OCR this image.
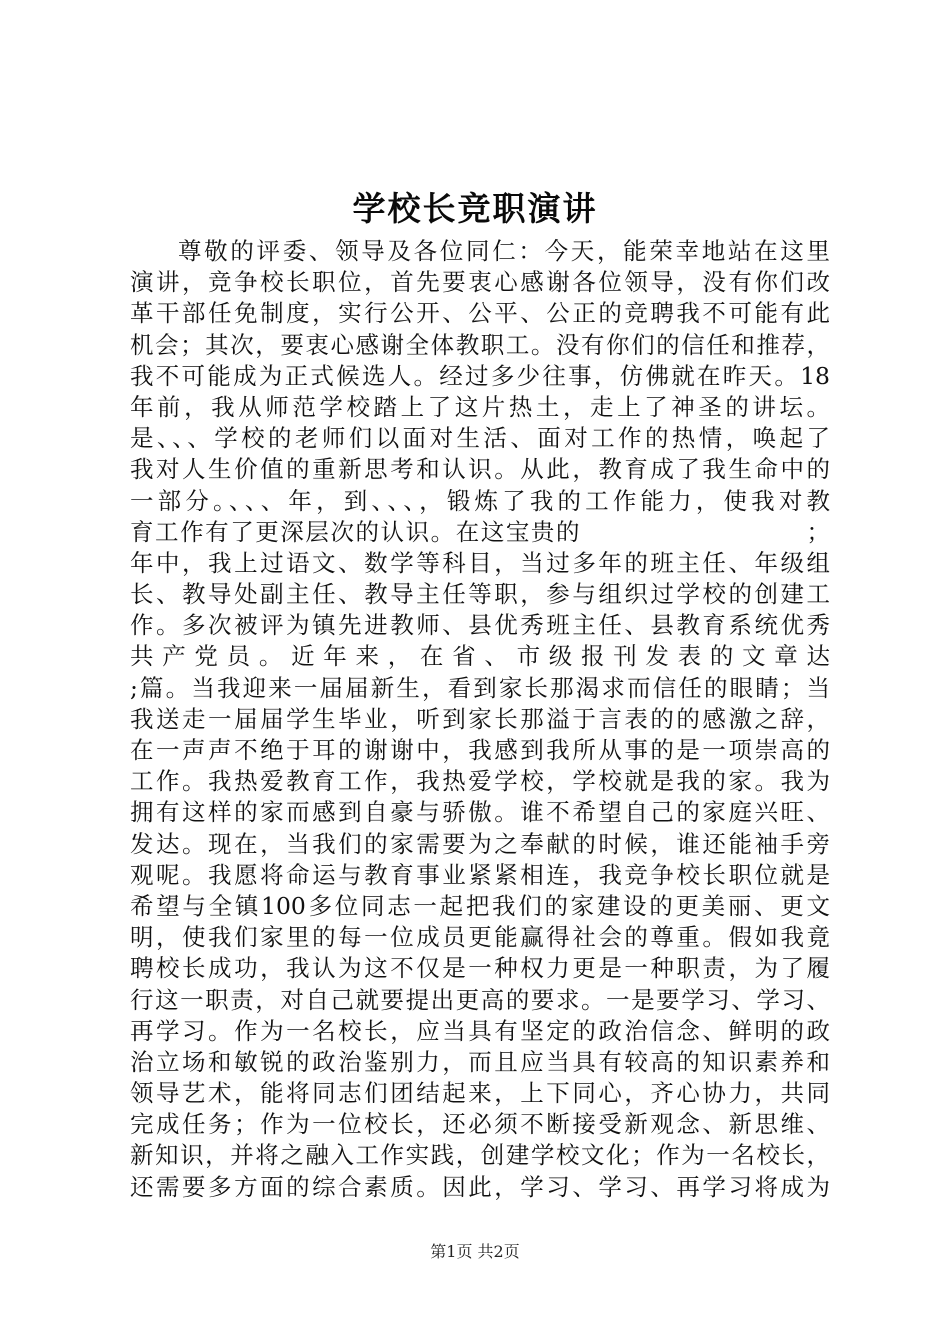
学校长竞职演讲
尊敬的评委、领导及各位同仁：今天，能荣幸地站在这里
演讲，竞争校长职位，首先要衷心感谢各位领导，没有你们改
革干部任免制度，实行公开、公平、公正的竞聘我不可能有此
机会；其次，要衷心感谢全体教职工。没有你们的信任和推荐，
我不可能成为正式候选人。经过多少往事，仿佛就在昨天。18
年前，我从师范学校踏上了这片热土，走上了神圣的讲坛。
是、、、学校的老师们以面对生活、面对工作的热情，唤起了
我对人生价值的重新思考和认识。从此，教育成了我生命中的
一部分。、、、年，到、、、，锻炼了我的工作能力，使我对教
育工作有了更深层次的认识。在这宝贵的　　　　　　　　　；
年中，我上过语文、数学等科目，当过多年的班主任、年级组
长、教导处副主任、教导主任等职，参与组织过学校的创建工
作。多次被评为镇先进教师、县优秀班主任、县教育系统优秀
共产党员。近年来，在省、市级报刊发表的文章达
;篇。当我迎来一届届新生，看到家长那渴求而信任的眼睛；当
我送走一届届学生毕业，听到家长那溢于言表的的感激之辞，
在一声声不绝于耳的谢谢中，我感到我所从事的是一项崇高的
工作。我热爱教育工作，我热爱学校，学校就是我的家。我为
拥有这样的家而感到自豪与骄傲。谁不希望自己的家庭兴旺、
发达。现在，当我们的家需要为之奉献的时候，谁还能袖手旁
观呢。我愿将命运与教育事业紧紧相连，我竞争校长职位就是
希望与全镇100多位同志一起把我们的家建设的更美丽、更文
明，使我们家里的每一位成员更能赢得社会的尊重。假如我竟
聘校长成功，我认为这不仅是一种权力更是一种职责，为了履
行这一职责，对自己就要提出更高的要求。一是要学习、学习、
再学习。作为一名校长，应当具有坚定的政治信念、鲜明的政
治立场和敏锐的政治鉴别力，而且应当具有较高的知识素养和
领导艺术，能将同志们团结起来，上下同心，齐心协力，共同
完成任务；作为一位校长，还必须不断接受新观念、新思维、
新知识，并将之融入工作实践，创建学校文化；作为一名校长，
还需要多方面的综合素质。因此，学习、学习、再学习将成为
第1页 共2页
